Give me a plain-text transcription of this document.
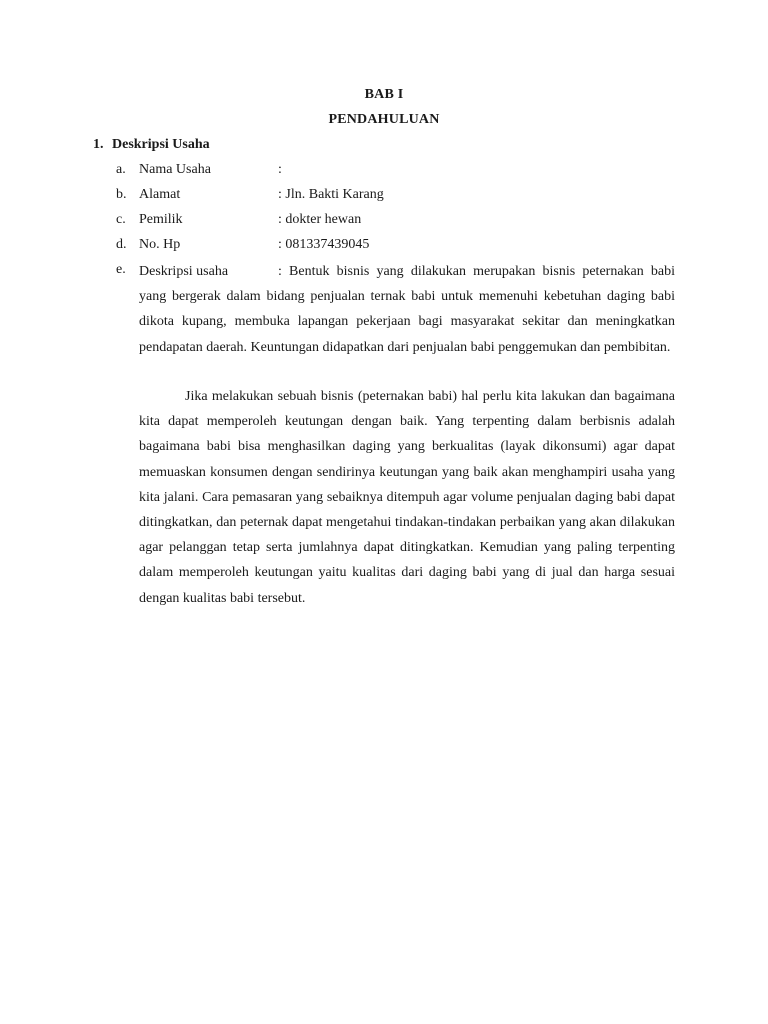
BAB I
PENDAHULUAN
1. Deskripsi Usaha
a. Nama Usaha	:
b. Alamat	: Jln. Bakti Karang
c. Pemilik	: dokter hewan
d. No. Hp	: 081337439045
e. Deskripsi usaha	: Bentuk bisnis yang dilakukan merupakan bisnis peternakan babi yang bergerak dalam bidang penjualan ternak babi untuk memenuhi kebetuhan daging babi dikota kupang, membuka lapangan pekerjaan bagi masyarakat sekitar dan meningkatkan pendapatan daerah. Keuntungan didapatkan dari penjualan babi penggemukan dan pembibitan.

Jika melakukan sebuah bisnis (peternakan babi) hal perlu kita lakukan dan bagaimana kita dapat memperoleh keutungan dengan baik. Yang terpenting dalam berbisnis adalah bagaimana babi bisa menghasilkan daging yang berkualitas (layak dikonsumi) agar dapat memuaskan konsumen dengan sendirinya keutungan yang baik akan menghampiri usaha yang kita jalani. Cara pemasaran yang sebaiknya ditempuh agar volume penjualan daging babi dapat ditingkatkan, dan peternak dapat mengetahui tindakan-tindakan perbaikan yang akan dilakukan agar pelanggan tetap serta jumlahnya dapat ditingkatkan. Kemudian yang paling terpenting dalam memperoleh keutungan yaitu kualitas dari daging babi yang di jual dan harga sesuai dengan kualitas babi tersebut.
